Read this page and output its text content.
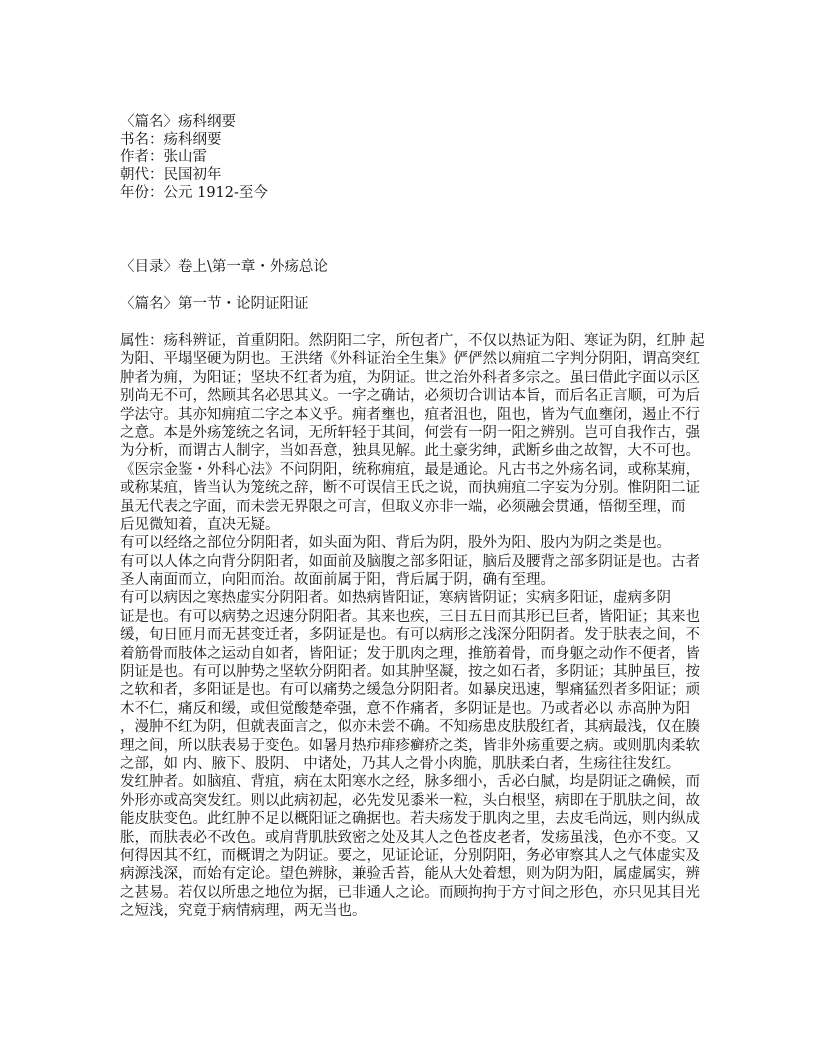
〈篇名〉疡科纲要
书名：疡科纲要
作者：张山雷
朝代：民国初年
年份：公元 1912-至今
〈目录〉卷上\第一章・外疡总论
〈篇名〉第一节・论阴证阳证
属性：疡科辨证，首重阴阳。然阴阳二字，所包者广，不仅以热证为阳、寒证为阴，红肿 起
为阳、平塌坚硬为阴也。王洪绪《外科证治全生集》俨俨然以痈疽二字判分阴阳，谓高突红
肿者为痈，为阳证；坚块不红者为疽，为阴证。世之治外科者多宗之。虽曰借此字面以示区
别尚无不可，然顾其名必思其义。一字之确诂，必须切合训诂本旨，而后名正言顺，可为后
学法守。其亦知痈疽二字之本义乎。痈者壅也，疽者沮也，阻也，皆为气血壅闭，遏止不行
之意。本是外疡笼统之名词，无所轩轻于其间，何尝有一阴一阳之辨别。岂可自我作古，强
为分析，而谓古人制字，当如吾意，独具见解。此土豪劣绅，武断乡曲之故智，大不可也。
《医宗金鉴・外科心法》不问阴阳，统称痈疽，最是通论。凡古书之外疡名词，或称某痈，
或称某疽，皆当认为笼统之辞，断不可误信王氏之说，而执痈疽二字妄为分别。惟阴阳二证
虽无代表之字面，而未尝无界限之可言，但取义亦非一端，必须融会贯通，悟彻至理，而
后见微知着，直决无疑。
有可以经络之部位分阴阳者，如头面为阳、背后为阴，股外为阳、股内为阴之类是也。
有可以人体之向背分阴阳者，如面前及脑腹之部多阳证，脑后及腰背之部多阴证是也。古者
圣人南面而立，向阳而治。故面前属于阳，背后属于阴，确有至理。
有可以病因之寒热虚实分阴阳者。如热病皆阳证，寒病皆阴证；实病多阳证，虚病多阴
证是也。有可以病势之迟速分阴阳者。其来也疾，三日五日而其形已巨者，皆阳证；其来也
缓，旬日匝月而无甚变迁者，多阴证是也。有可以病形之浅深分阳阴者。发于肤表之间，不
着筋骨而肢体之运动自如者，皆阳证；发于肌肉之理，推筋着骨，而身躯之动作不便者，皆
阴证是也。有可以肿势之坚软分阴阳者。如其肿坚凝，按之如石者，多阴证；其肿虽巨，按
之软和者，多阳证是也。有可以痛势之缓急分阴阳者。如暴戾迅速，掣痛猛烈者多阳证；顽
木不仁，痛反和缓，或但觉酸楚牵强，意不作痛者，多阴证是也。乃或者必以 赤高肿为阳
，漫肿不红为阴，但就表面言之，似亦未尝不确。不知疡患皮肤殷红者，其病最浅，仅在腠
理之间，所以肤表易于变色。如暑月热疖痱疹癣疥之类，皆非外疡重要之病。或则肌肉柔软
之部，如 内、腋下、股阴、 中诸处，乃其人之骨小肉脆，肌肤柔白者，生疡往往发红。
发红肿者。如脑疽、背疽，病在太阳寒水之经，脉多细小，舌必白腻，均是阴证之确候，而
外形亦或高突发红。则以此病初起，必先发见黍米一粒，头白根坚，病即在于肌肤之间，故
能皮肤变色。此红肿不足以概阳证之确据也。若夫疡发于肌肉之里，去皮毛尚远，则内纵成
胀，而肤表必不改色。或肩背肌肤致密之处及其人之色苍皮老者，发疡虽浅，色亦不变。又
何得因其不红，而概谓之为阴证。要之，见证论证，分别阴阳，务必审察其人之气体虚实及
病源浅深，而始有定论。望色辨脉，兼验舌苔，能从大处着想，则为阴为阳，属虚属实，辨
之甚易。若仅以所患之地位为据，已非通人之论。而顾拘拘于方寸间之形色，亦只见其目光
之短浅，究竟于病情病理，两无当也。
